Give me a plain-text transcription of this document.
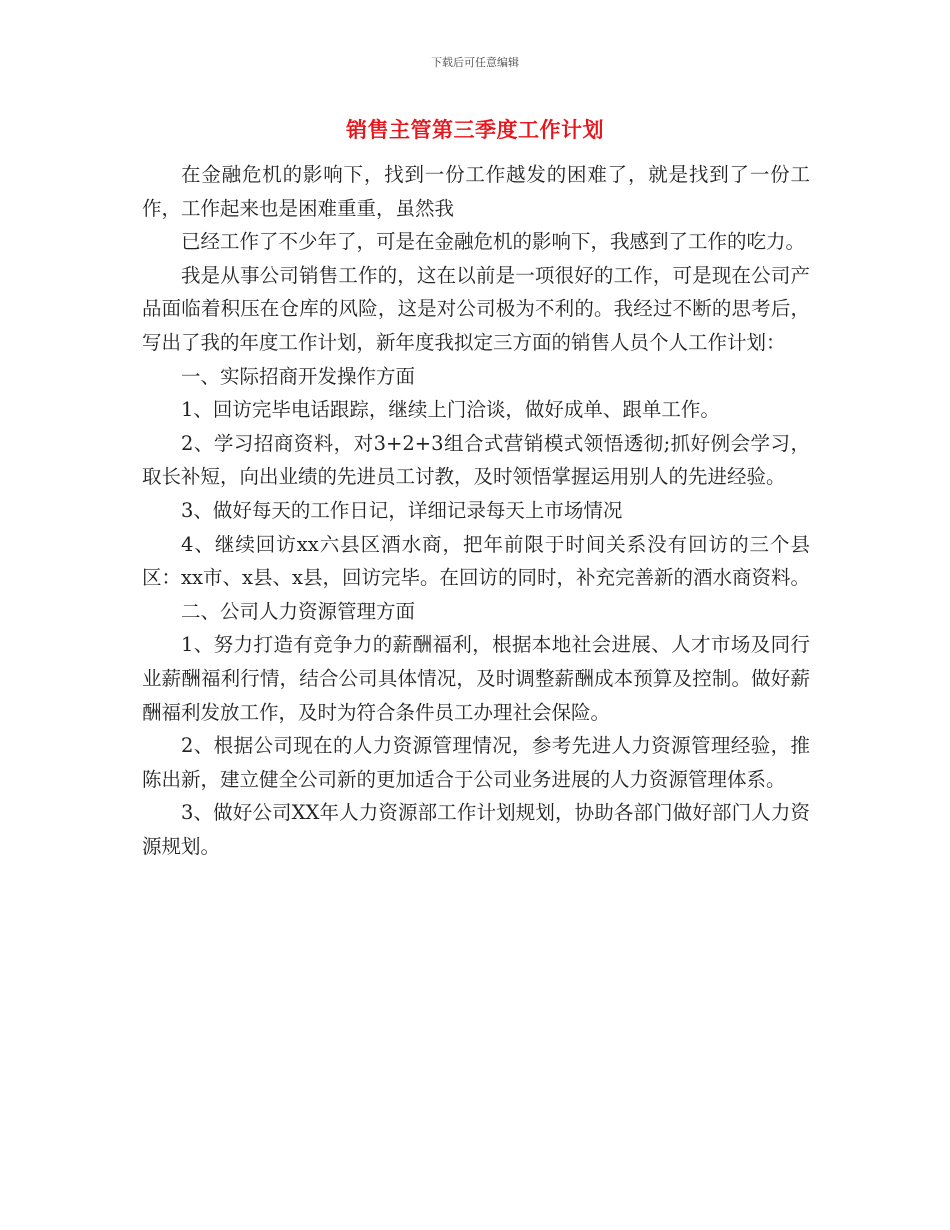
下载后可任意编辑
销售主管第三季度工作计划

在金融危机的影响下，找到一份工作越发的困难了，就是找到了一份工作，工作起来也是困难重重，虽然我

已经工作了不少年了，可是在金融危机的影响下，我感到了工作的吃力。

我是从事公司销售工作的，这在以前是一项很好的工作，可是现在公司产品面临着积压在仓库的风险，这是对公司极为不利的。我经过不断的思考后，写出了我的年度工作计划，新年度我拟定三方面的销售人员个人工作计划：

一、实际招商开发操作方面

1、回访完毕电话跟踪，继续上门洽谈，做好成单、跟单工作。

2、学习招商资料，对3+2+3组合式营销模式领悟透彻;抓好例会学习，取长补短，向出业绩的先进员工讨教，及时领悟掌握运用别人的先进经验。

3、做好每天的工作日记，详细记录每天上市场情况

4、继续回访xx六县区酒水商，把年前限于时间关系没有回访的三个县区：xx市、x县、x县，回访完毕。在回访的同时，补充完善新的酒水商资料。

二、公司人力资源管理方面

1、努力打造有竞争力的薪酬福利，根据本地社会进展、人才市场及同行业薪酬福利行情，结合公司具体情况，及时调整薪酬成本预算及控制。做好薪酬福利发放工作，及时为符合条件员工办理社会保险。

2、根据公司现在的人力资源管理情况，参考先进人力资源管理经验，推陈出新，建立健全公司新的更加适合于公司业务进展的人力资源管理体系。

3、做好公司XX年人力资源部工作计划规划，协助各部门做好部门人力资源规划。
